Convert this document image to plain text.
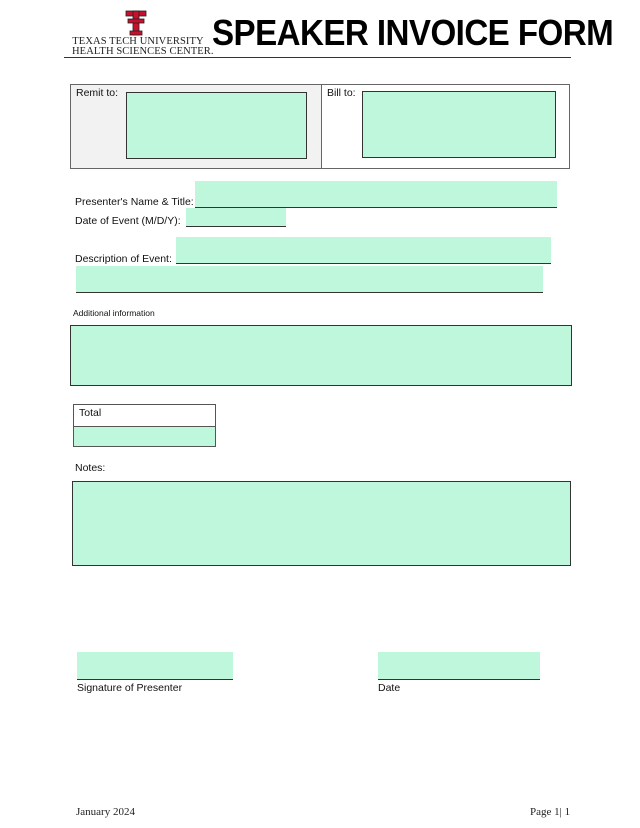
TEXAS TECH UNIVERSITY
HEALTH SCIENCES CENTER.
SPEAKER INVOICE FORM
Remit to:	Bill to:
Presenter's Name & Title:
Date of Event (M/D/Y):
Description of Event:
Additional information
Total
Notes:
Signature of Presenter	Date
January 2024	Page 1| 1
